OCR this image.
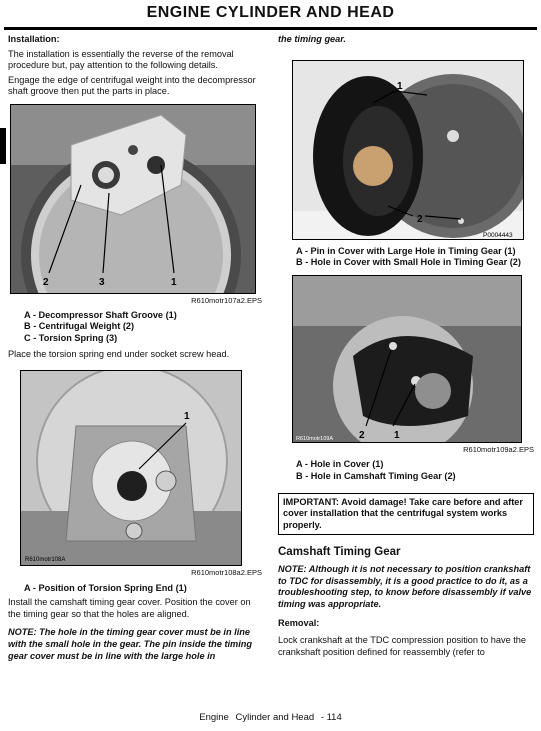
ENGINE CYLINDER AND HEAD
Installation:
The installation is essentially the reverse of the removal procedure but, pay attention to the following details.
Engage the edge of centrifugal weight into the decompressor shaft groove then put the parts in place.
2	3	1
R610motr107a2.EPS
A - Decompressor Shaft Groove (1)
B - Centrifugal Weight (2)
C - Torsion Spring (3)
Place the torsion spring end under socket screw head.
1
R610motr108A
R610motr108a2.EPS
A - Position of Torsion Spring End (1)
Install the camshaft timing gear cover. Position the cover on the timing gear so that the holes are aligned.
NOTE: The hole in the timing gear cover must be in line with the small hole in the gear. The pin inside the timing gear cover must be in line with the large hole in
the timing gear.
1
2
P0004443
A - Pin in Cover with Large Hole in Timing Gear (1)
B - Hole in Cover with Small Hole in Timing Gear (2)
2	1
R610motr109A
R610motr109a2.EPS
A - Hole in Cover (1)
B - Hole in Camshaft Timing Gear (2)
IMPORTANT: Avoid damage! Take care before and after cover installation that the centrifugal system works properly.
Camshaft Timing Gear
NOTE: Although it is not necessary to position crankshaft to TDC for disassembly, it is a good practice to do it, as a troubleshooting step, to know before disassembly if valve timing was appropriate.
Removal:
Lock crankshaft at the TDC compression position to have the crankshaft position defined for reassembly (refer to
Engine Cylinder and Head - 114
